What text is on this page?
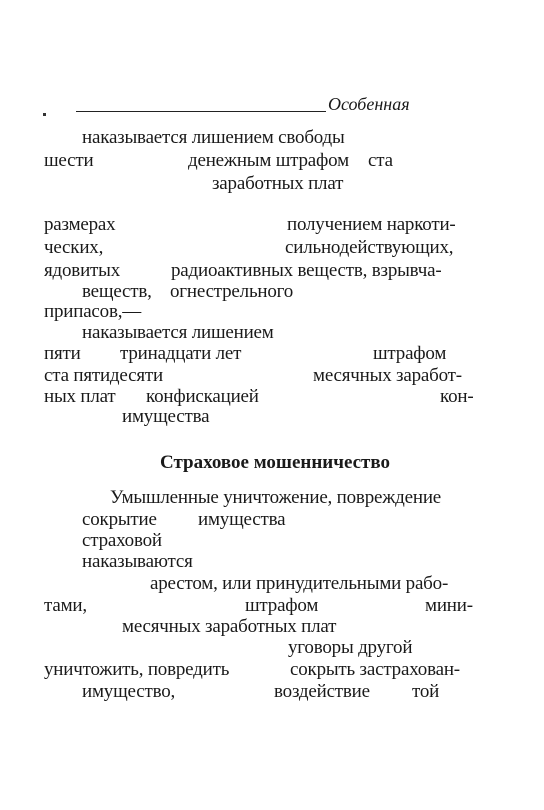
Особенная
наказывается лишением свободы
шести	денежным штрафом ста
заработных плат
размерах	получением наркоти-
ческих,	сильнодействующих,
ядовитых	радиоактивных веществ, взрывча-
веществ, огнестрельного
припасов,—
наказывается лишением
пяти тринадцати лет	штрафом
ста пятидесяти	месячных заработ-
ных плат конфискацией	кон-
имущества
Страховое мошенничество
Умышленные уничтожение, повреждение
сокрытие имущества
страховой
наказываются
арестом, или принудительными рабо-
тами,	штрафом	мини-
месячных заработных плат
уговоры другой
уничтожить, повредить	сокрыть застрахован-
имущество,	воздействие той
